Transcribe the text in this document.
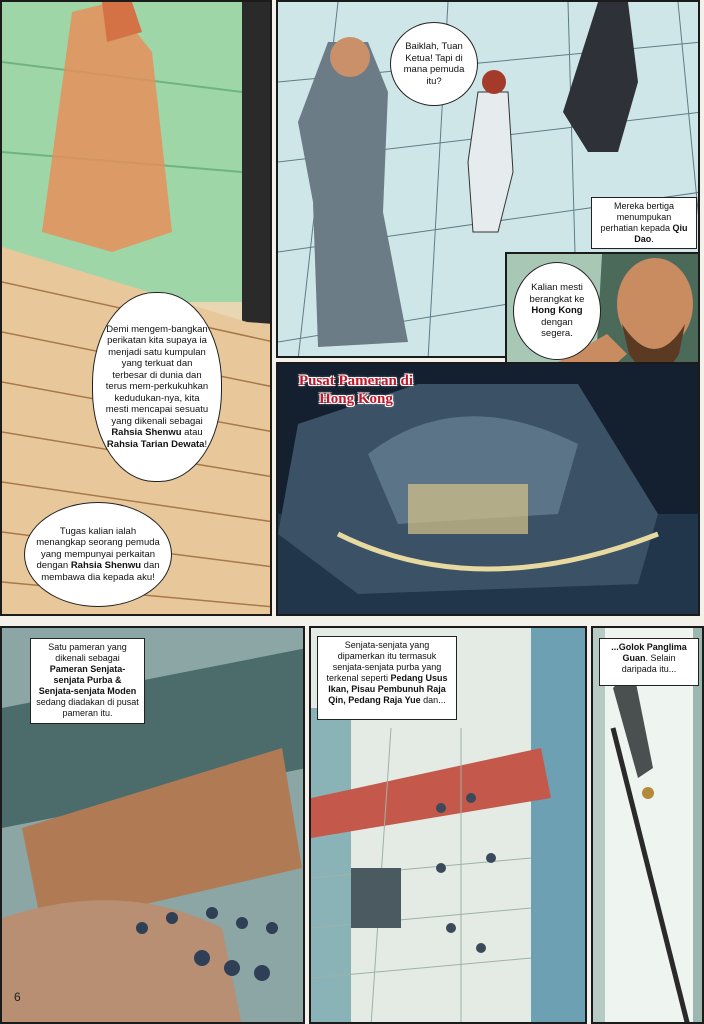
Demi mengem-bangkan perikatan kita supaya ia menjadi satu kumpulan yang terkuat dan terbesar di dunia dan terus mem-perkukuhkan kedudukan-nya, kita mesti mencapai sesuatu yang dikenali sebagai Rahsia Shenwu atau Rahsia Tarian Dewata!
Tugas kalian ialah menangkap seorang pemuda yang mempunyai perkaitan dengan Rahsia Shenwu dan membawa dia kepada aku!
Baiklah, Tuan Ketua! Tapi di mana pemuda itu?
Mereka bertiga menumpukan perhatian kepada Qiu Dao.
Kalian mesti berangkat ke Hong Kong dengan segera.
Pusat Pameran di Hong Kong
Satu pameran yang dikenali sebagai Pameran Senjata-senjata Purba & Senjata-senjata Moden sedang diadakan di pusat pameran itu.
6
Senjata-senjata yang dipamerkan itu termasuk senjata-senjata purba yang terkenal seperti Pedang Usus Ikan, Pisau Pembunuh Raja Qin, Pedang Raja Yue dan...
...Golok Panglima Guan. Selain daripada itu...
